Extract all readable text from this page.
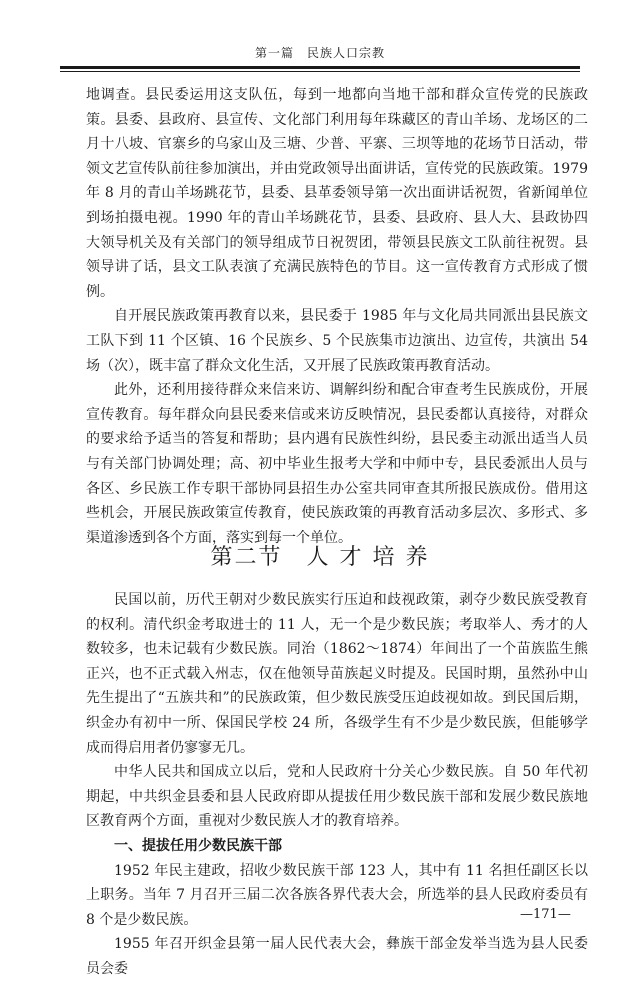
第一篇　民族人口宗教

地调查。县民委运用这支队伍，每到一地都向当地干部和群众宣传党的民族政策。县委、县政府、县宣传、文化部门利用每年珠藏区的青山羊场、龙场区的二月十八坡、官寨乡的乌家山及三塘、少普、平寨、三坝等地的花场节日活动，带领文艺宣传队前往参加演出，并由党政领导出面讲话，宣传党的民族政策。1979 年 8 月的青山羊场跳花节，县委、县革委领导第一次出面讲话祝贺，省新闻单位到场拍摄电视。1990 年的青山羊场跳花节，县委、县政府、县人大、县政协四大领导机关及有关部门的领导组成节日祝贺团，带领县民族文工队前往祝贺。县领导讲了话，县文工队表演了充满民族特色的节目。这一宣传教育方式形成了惯例。

自开展民族政策再教育以来，县民委于 1985 年与文化局共同派出县民族文工队下到 11 个区镇、16 个民族乡、5 个民族集市边演出、边宣传，共演出 54 场（次），既丰富了群众文化生活，又开展了民族政策再教育活动。

此外，还利用接待群众来信来访、调解纠纷和配合审查考生民族成份，开展宣传教育。每年群众向县民委来信或来访反映情况，县民委都认真接待，对群众的要求给予适当的答复和帮助；县内遇有民族性纠纷，县民委主动派出适当人员与有关部门协调处理；高、初中毕业生报考大学和中师中专，县民委派出人员与各区、乡民族工作专职干部协同县招生办公室共同审查其所报民族成份。借用这些机会，开展民族政策宣传教育，使民族政策的再教育活动多层次、多形式、多渠道渗透到各个方面，落实到每一个单位。

第二节 人 才 培 养

民国以前，历代王朝对少数民族实行压迫和歧视政策，剥夺少数民族受教育的权利。清代织金考取进士的 11 人，无一个是少数民族；考取举人、秀才的人数较多，也未记载有少数民族。同治（1862～1874）年间出了一个苗族监生熊正兴，也不正式载入州志，仅在他领导苗族起义时提及。民国时期，虽然孙中山先生提出了“五族共和”的民族政策，但少数民族受压迫歧视如故。到民国后期，织金办有初中一所、保国民学校 24 所，各级学生有不少是少数民族，但能够学成而得启用者仍寥寥无几。

中华人民共和国成立以后，党和人民政府十分关心少数民族。自 50 年代初期起，中共织金县委和县人民政府即从提拔任用少数民族干部和发展少数民族地区教育两个方面，重视对少数民族人才的教育培养。

一、提拔任用少数民族干部

1952 年民主建政，招收少数民族干部 123 人，其中有 11 名担任副区长以上职务。当年 7 月召开三届二次各族各界代表大会，所选举的县人民政府委员有 8 个是少数民族。

1955 年召开织金县第一届人民代表大会，彝族干部金发举当选为县人民委员会委

—171—
